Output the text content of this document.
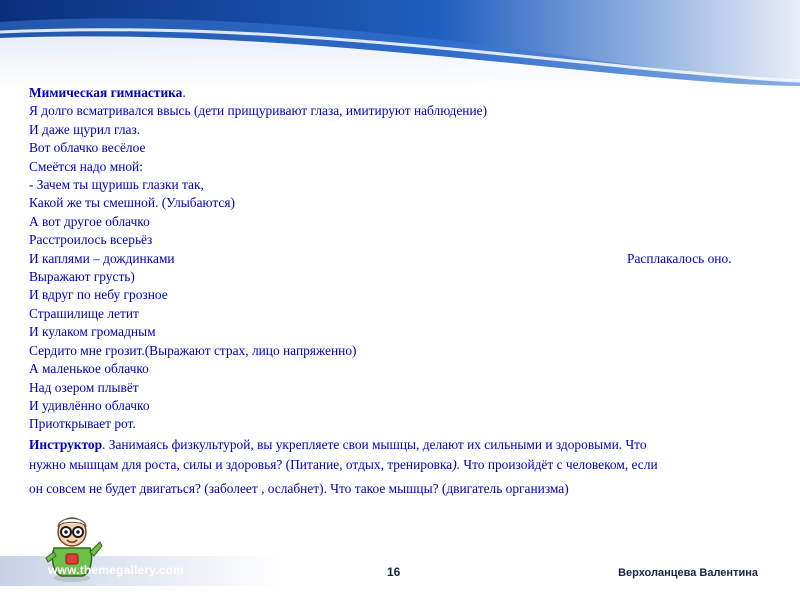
Мимическая гимнастика.
Я долго всматривался ввысь (дети прищуривают глаза, имитируют наблюдение)
И даже щурил глаз.
Вот облачко весёлое
Смеётся надо мной:
- Зачем ты щуришь глазки так,
Какой же ты смешной. (Улыбаются)
А вот другое облачко
Расстроилось всерьёз
И каплями – дождинками	Расплакалось оно.
Выражают грусть)
И вдруг по небу грозное
Страшилище летит
И кулаком громадным
Сердито мне грозит.(Выражают страх, лицо напряженно)
А маленькое облачко
Над озером плывёт
И удивлённо облачко
Приоткрывает рот.
Инструктор. Занимаясь физкультурой, вы укрепляете свои мышцы, делают их сильными и здоровыми. Что
нужно мышцам для роста, силы и здоровья? (Питание, отдых, тренировка). Что произойдёт с человеком, если
он совсем не будет двигаться? (заболеет , ослабнет). Что такое мышцы? (двигатель организма)
www.themegallery.com	16	Верхоланцева Валентина
